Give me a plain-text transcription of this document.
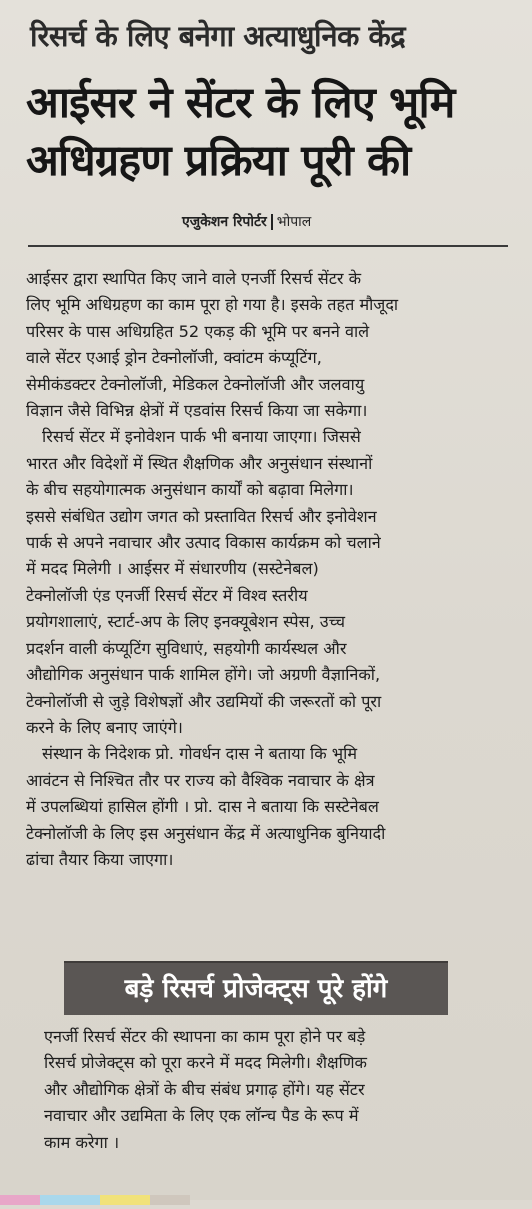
रिसर्च के लिए बनेगा अत्याधुनिक केंद्र
आईसर ने सेंटर के लिए भूमि
अधिग्रहण प्रक्रिया पूरी की
एजुकेशन रिपोर्टर भोपाल
आईसर द्वारा स्थापित किए जाने वाले एनर्जी रिसर्च सेंटर के
लिए भूमि अधिग्रहण का काम पूरा हो गया है। इसके तहत मौजूदा
परिसर के पास अधिग्रहित 52 एकड़ की भूमि पर बनने वाले
वाले सेंटर एआई ड्रोन टेक्नोलॉजी, क्वांटम कंप्यूटिंग,
सेमीकंडक्टर टेक्नोलॉजी, मेडिकल टेक्नोलॉजी और जलवायु
विज्ञान जैसे विभिन्न क्षेत्रों में एडवांस रिसर्च किया जा सकेगा।
रिसर्च सेंटर में इनोवेशन पार्क भी बनाया जाएगा। जिससे
भारत और विदेशों में स्थित शैक्षणिक और अनुसंधान संस्थानों
के बीच सहयोगात्मक अनुसंधान कार्यों को बढ़ावा मिलेगा।
इससे संबंधित उद्योग जगत को प्रस्तावित रिसर्च और इनोवेशन
पार्क से अपने नवाचार और उत्पाद विकास कार्यक्रम को चलाने
में मदद मिलेगी । आईसर में संधारणीय (सस्टेनेबल)
टेक्नोलॉजी एंड एनर्जी रिसर्च सेंटर में विश्व स्तरीय
प्रयोगशालाएं, स्टार्ट-अप के लिए इनक्यूबेशन स्पेस, उच्च
प्रदर्शन वाली कंप्यूटिंग सुविधाएं, सहयोगी कार्यस्थल और
औद्योगिक अनुसंधान पार्क शामिल होंगे। जो अग्रणी वैज्ञानिकों,
टेक्नोलॉजी से जुड़े विशेषज्ञों और उद्यमियों की जरूरतों को पूरा
करने के लिए बनाए जाएंगे।
संस्थान के निदेशक प्रो. गोवर्धन दास ने बताया कि भूमि
आवंटन से निश्चित तौर पर राज्य को वैश्विक नवाचार के क्षेत्र
में उपलब्धियां हासिल होंगी । प्रो. दास ने बताया कि सस्टेनेबल
टेक्नोलॉजी के लिए इस अनुसंधान केंद्र में अत्याधुनिक बुनियादी
ढांचा तैयार किया जाएगा।
बड़े रिसर्च प्रोजेक्ट्स पूरे होंगे
एनर्जी रिसर्च सेंटर की स्थापना का काम पूरा होने पर बड़े
रिसर्च प्रोजेक्ट्स को पूरा करने में मदद मिलेगी। शैक्षणिक
और औद्योगिक क्षेत्रों के बीच संबंध प्रगाढ़ होंगे। यह सेंटर
नवाचार और उद्यमिता के लिए एक लॉन्च पैड के रूप में
काम करेगा ।
